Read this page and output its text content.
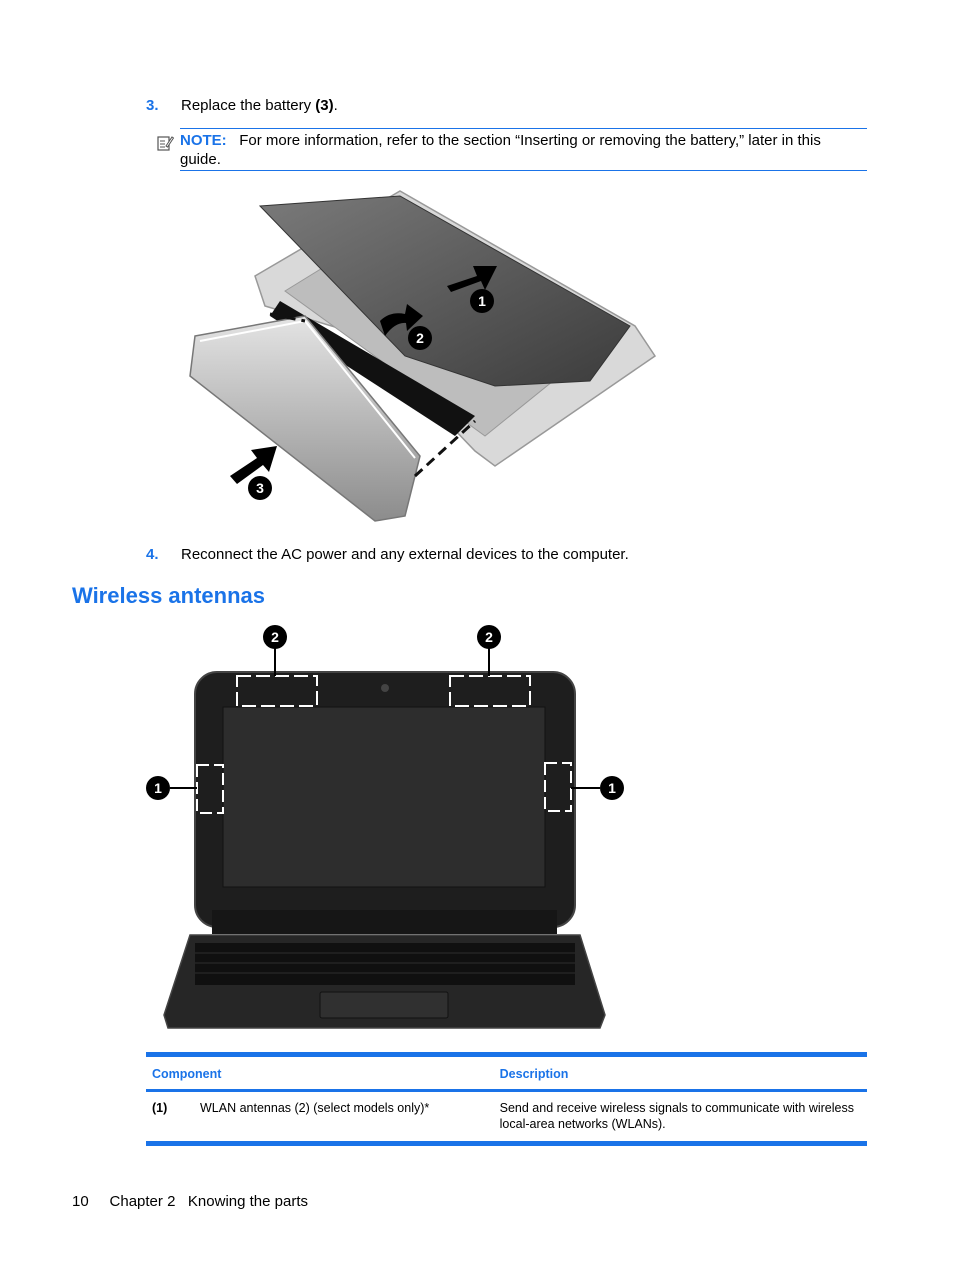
3. Replace the battery (3).
NOTE: For more information, refer to the section “Inserting or removing the battery,” later in this
guide.
1
2
3
4. Reconnect the AC power and any external devices to the computer.
Wireless antennas
2	2
1	1
Component		Description
(1)	WLAN antennas (2) (select models only)*	Send and receive wireless signals to communicate with wireless
local-area networks (WLANs).
10 Chapter 2 Knowing the parts
